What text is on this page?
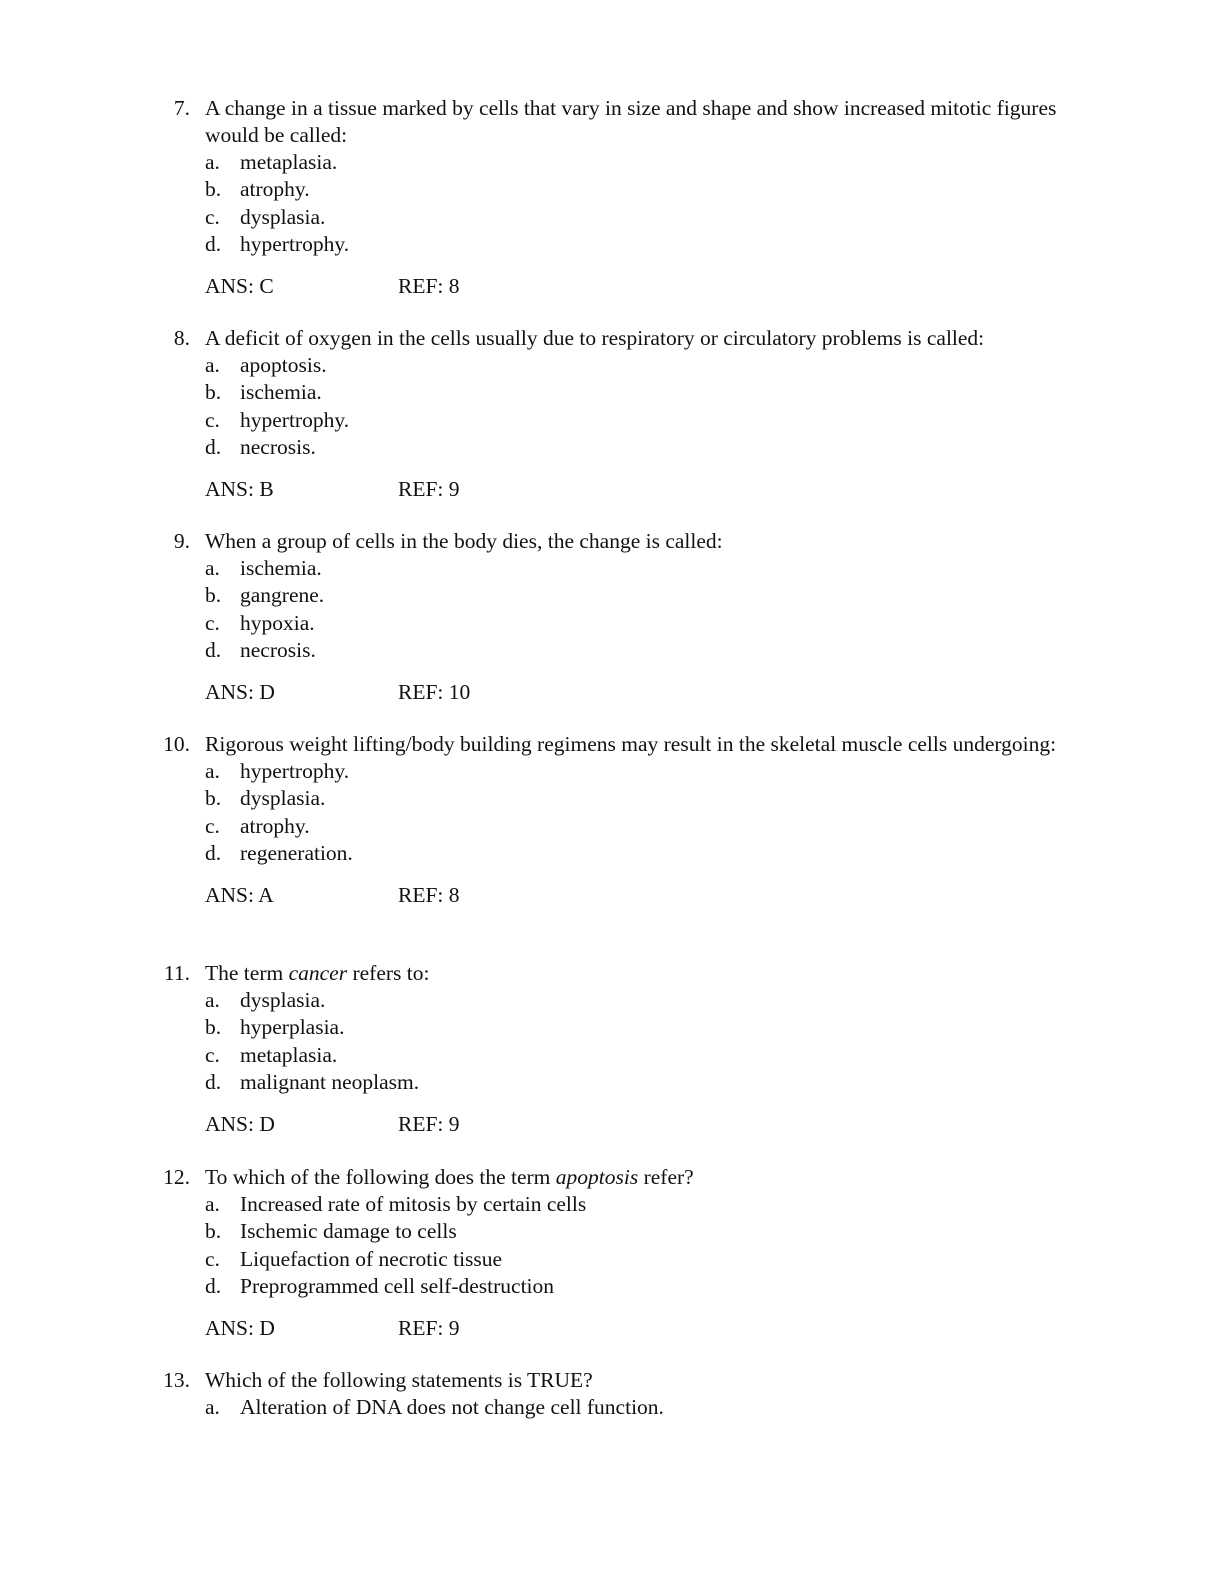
7. A change in a tissue marked by cells that vary in size and shape and show increased mitotic figures would be called:
a. metaplasia.
b. atrophy.
c. dysplasia.
d. hypertrophy.
ANS: C	REF: 8
8. A deficit of oxygen in the cells usually due to respiratory or circulatory problems is called:
a. apoptosis.
b. ischemia.
c. hypertrophy.
d. necrosis.
ANS: B	REF: 9
9. When a group of cells in the body dies, the change is called:
a. ischemia.
b. gangrene.
c. hypoxia.
d. necrosis.
ANS: D	REF: 10
10. Rigorous weight lifting/body building regimens may result in the skeletal muscle cells undergoing:
a. hypertrophy.
b. dysplasia.
c. atrophy.
d. regeneration.
ANS: A	REF: 8
11. The term cancer refers to:
a. dysplasia.
b. hyperplasia.
c. metaplasia.
d. malignant neoplasm.
ANS: D	REF: 9
12. To which of the following does the term apoptosis refer?
a. Increased rate of mitosis by certain cells
b. Ischemic damage to cells
c. Liquefaction of necrotic tissue
d. Preprogrammed cell self-destruction
ANS: D	REF: 9
13. Which of the following statements is TRUE?
a. Alteration of DNA does not change cell function.
